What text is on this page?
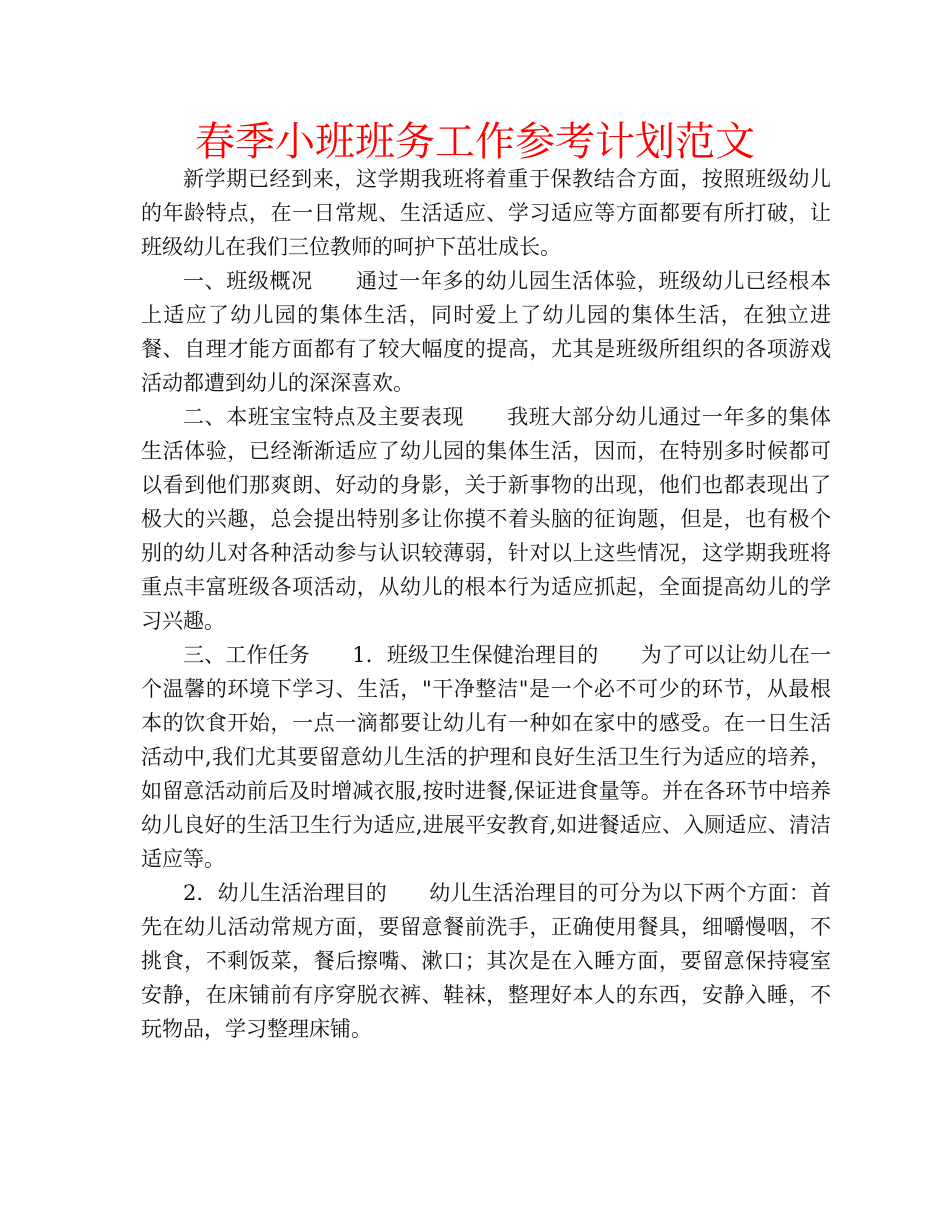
春季小班班务工作参考计划范文

新学期已经到来，这学期我班将着重于保教结合方面，按照班级幼儿的年龄特点，在一日常规、生活适应、学习适应等方面都要有所打破，让班级幼儿在我们三位教师的呵护下茁壮成长。

一、班级概况　　通过一年多的幼儿园生活体验，班级幼儿已经根本上适应了幼儿园的集体生活，同时爱上了幼儿园的集体生活，在独立进餐、自理才能方面都有了较大幅度的提高，尤其是班级所组织的各项游戏活动都遭到幼儿的深深喜欢。

二、本班宝宝特点及主要表现　　我班大部分幼儿通过一年多的集体生活体验，已经渐渐适应了幼儿园的集体生活，因而，在特别多时候都可以看到他们那爽朗、好动的身影，关于新事物的出现，他们也都表现出了极大的兴趣，总会提出特别多让你摸不着头脑的征询题，但是，也有极个别的幼儿对各种活动参与认识较薄弱，针对以上这些情况，这学期我班将重点丰富班级各项活动，从幼儿的根本行为适应抓起，全面提高幼儿的学习兴趣。

三、工作任务　　1．班级卫生保健治理目的　　为了可以让幼儿在一个温馨的环境下学习、生活，"干净整洁"是一个必不可少的环节，从最根本的饮食开始，一点一滴都要让幼儿有一种如在家中的感受。在一日生活活动中,我们尤其要留意幼儿生活的护理和良好生活卫生行为适应的培养，如留意活动前后及时增减衣服,按时进餐,保证进食量等。并在各环节中培养幼儿良好的生活卫生行为适应,进展平安教育,如进餐适应、入厕适应、清洁适应等。

2．幼儿生活治理目的　　幼儿生活治理目的可分为以下两个方面：首先在幼儿活动常规方面，要留意餐前洗手，正确使用餐具，细嚼慢咽，不挑食，不剩饭菜，餐后擦嘴、漱口；其次是在入睡方面，要留意保持寝室安静，在床铺前有序穿脱衣裤、鞋袜，整理好本人的东西，安静入睡，不玩物品，学习整理床铺。
